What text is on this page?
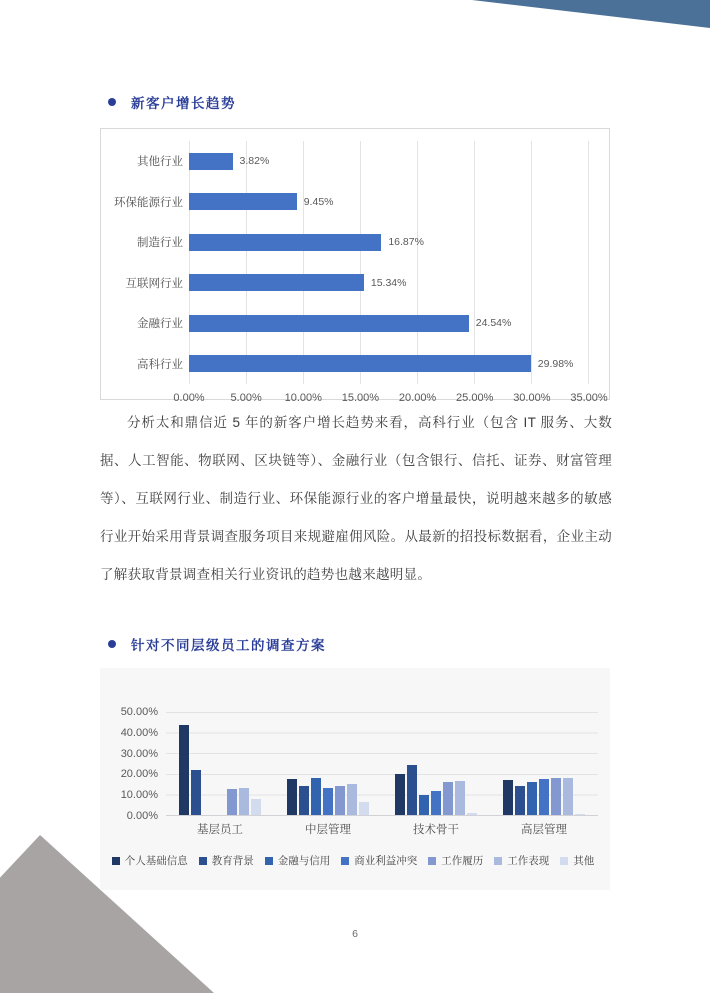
新客户增长趋势
其他行业
环保能源行业
制造行业
互联网行业
金融行业
高科行业
3.82%
9.45%
16.87%
15.34%
24.54%
29.98%
0.00% 5.00% 10.00% 15.00% 20.00% 25.00% 30.00% 35.00%

分析太和鼎信近 5 年的新客户增长趋势来看，高科行业（包含 IT 服务、大数据、人工智能、物联网、区块链等）、金融行业（包含银行、信托、证券、财富管理等）、互联网行业、制造行业、环保能源行业的客户增量最快，说明越来越多的敏感行业开始采用背景调查服务项目来规避雇佣风险。从最新的招投标数据看，企业主动了解获取背景调查相关行业资讯的趋势也越来越明显。

针对不同层级员工的调查方案
50.00%
40.00%
30.00%
20.00%
10.00%
0.00%
基层员工	中层管理	技术骨干	高层管理
个人基础信息 教育背景 金融与信用 商业利益冲突 工作履历 工作表现 其他
6
